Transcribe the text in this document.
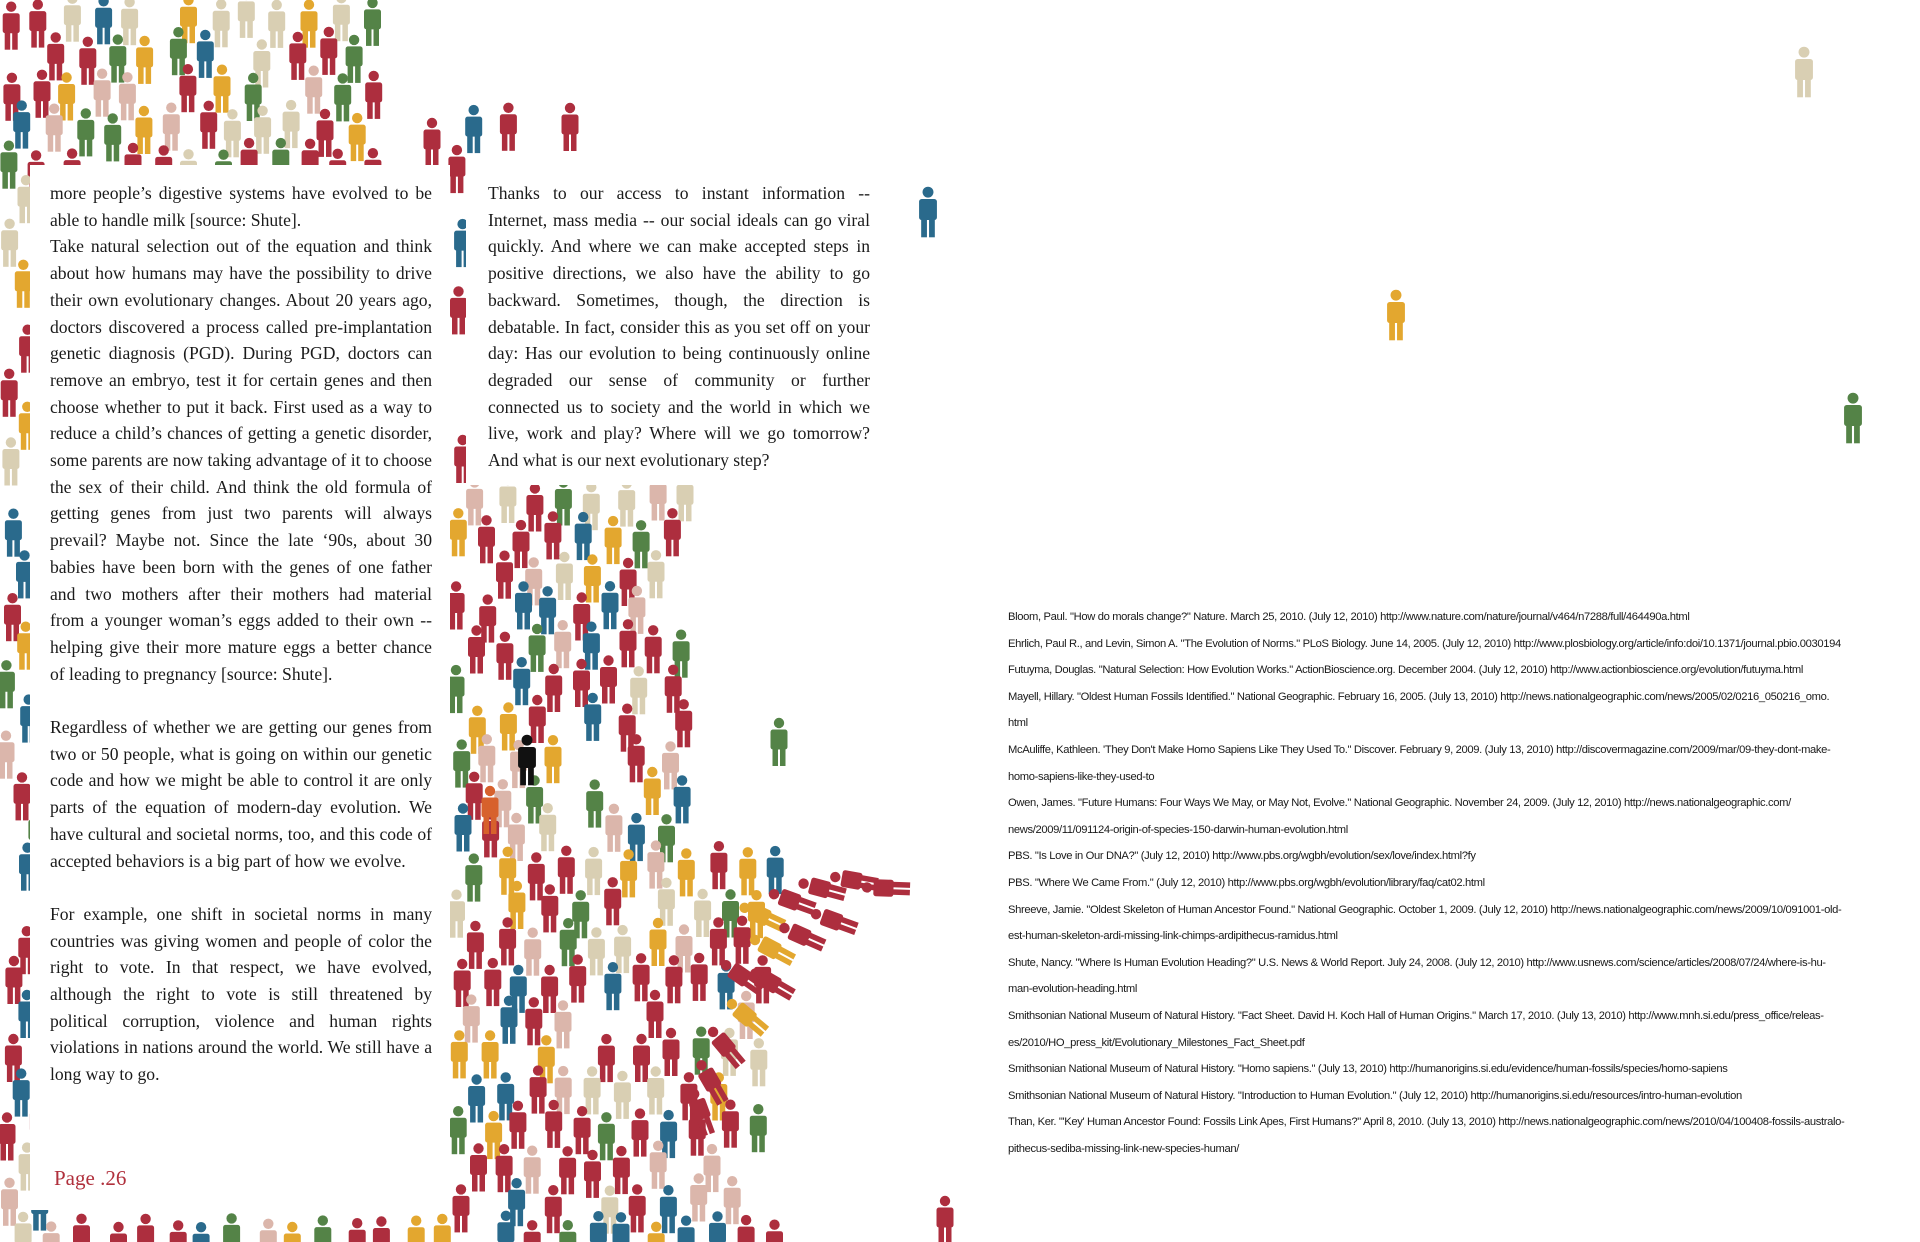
more people’s digestive systems have evolved to be able to handle milk [source: Shute].

Take natural selection out of the equation and think about how humans may have the possibility to drive their own evolutionary changes. About 20 years ago, doctors discovered a process called pre-implantation genetic diagnosis (PGD). During PGD, doctors can remove an embryo, test it for certain genes and then choose whether to put it back. First used as a way to reduce a child’s chances of getting a genetic disorder, some parents are now taking advantage of it to choose the sex of their child. And think the old formula of getting genes from just two parents will always prevail? Maybe not. Since the late ‘90s, about 30 babies have been born with the genes of one father and two mothers after their mothers had material from a younger woman’s eggs added to their own -- helping give their more mature eggs a better chance of leading to pregnancy [source: Shute].

Regardless of whether we are getting our genes from two or 50 people, what is going on within our genetic code and how we might be able to control it are only parts of the equation of modern-day evolution. We have cultural and societal norms, too, and this code of accepted behaviors is a big part of how we evolve.

For example, one shift in societal norms in many countries was giving women and people of color the right to vote. In that respect, we have evolved, although the right to vote is still threatened by political corruption, violence and human rights violations in nations around the world. We still have a long way to go.

Thanks to our access to instant information -- Internet, mass media -- our social ideals can go viral quickly. And where we can make accepted steps in positive directions, we also have the ability to go backward. Sometimes, though, the direction is debatable. In fact, consider this as you set off on your day: Has our evolution to being continuously online degraded our sense of community or further connected us to society and the world in which we live, work and play? Where will we go tomorrow? And what is our next evolutionary step?

Page .26

Bloom, Paul. "How do morals change?" Nature. March 25, 2010. (July 12, 2010) http://www.nature.com/nature/journal/v464/n7288/full/464490a.html

Ehrlich, Paul R., and Levin, Simon A. "The Evolution of Norms." PLoS Biology. June 14, 2005. (July 12, 2010) http://www.plosbiology.org/article/info:doi/10.1371/journal.pbio.0030194

Futuyma, Douglas. "Natural Selection: How Evolution Works." ActionBioscience.org. December 2004. (July 12, 2010) http://www.actionbioscience.org/evolution/futuyma.html

Mayell, Hillary. "Oldest Human Fossils Identified." National Geographic. February 16, 2005. (July 13, 2010) http://news.nationalgeographic.com/news/2005/02/0216_050216_omo.

html

McAuliffe, Kathleen. 'They Don't Make Homo Sapiens Like They Used To." Discover. February 9, 2009. (July 13, 2010) http://discovermagazine.com/2009/mar/09-they-dont-make-

homo-sapiens-like-they-used-to

Owen, James. "Future Humans: Four Ways We May, or May Not, Evolve." National Geographic. November 24, 2009. (July 12, 2010) http://news.nationalgeographic.com/

news/2009/11/091124-origin-of-species-150-darwin-human-evolution.html

PBS. "Is Love in Our DNA?" (July 12, 2010) http://www.pbs.org/wgbh/evolution/sex/love/index.html?fy

PBS. "Where We Came From." (July 12, 2010) http://www.pbs.org/wgbh/evolution/library/faq/cat02.html

Shreeve, Jamie. "Oldest Skeleton of Human Ancestor Found." National Geographic. October 1, 2009. (July 12, 2010) http://news.nationalgeographic.com/news/2009/10/091001-old-

est-human-skeleton-ardi-missing-link-chimps-ardipithecus-ramidus.html

Shute, Nancy. "Where Is Human Evolution Heading?" U.S. News & World Report. July 24, 2008. (July 12, 2010) http://www.usnews.com/science/articles/2008/07/24/where-is-hu-

man-evolution-heading.html

Smithsonian National Museum of Natural History. "Fact Sheet. David H. Koch Hall of Human Origins." March 17, 2010. (July 13, 2010) http://www.mnh.si.edu/press_office/releas-

es/2010/HO_press_kit/Evolutionary_Milestones_Fact_Sheet.pdf

Smithsonian National Museum of Natural History. "Homo sapiens." (July 13, 2010) http://humanorigins.si.edu/evidence/human-fossils/species/homo-sapiens

Smithsonian National Museum of Natural History. "Introduction to Human Evolution." (July 12, 2010) http://humanorigins.si.edu/resources/intro-human-evolution

Than, Ker. "'Key' Human Ancestor Found: Fossils Link Apes, First Humans?" April 8, 2010. (July 13, 2010) http://news.nationalgeographic.com/news/2010/04/100408-fossils-australo-

pithecus-sediba-missing-link-new-species-human/
